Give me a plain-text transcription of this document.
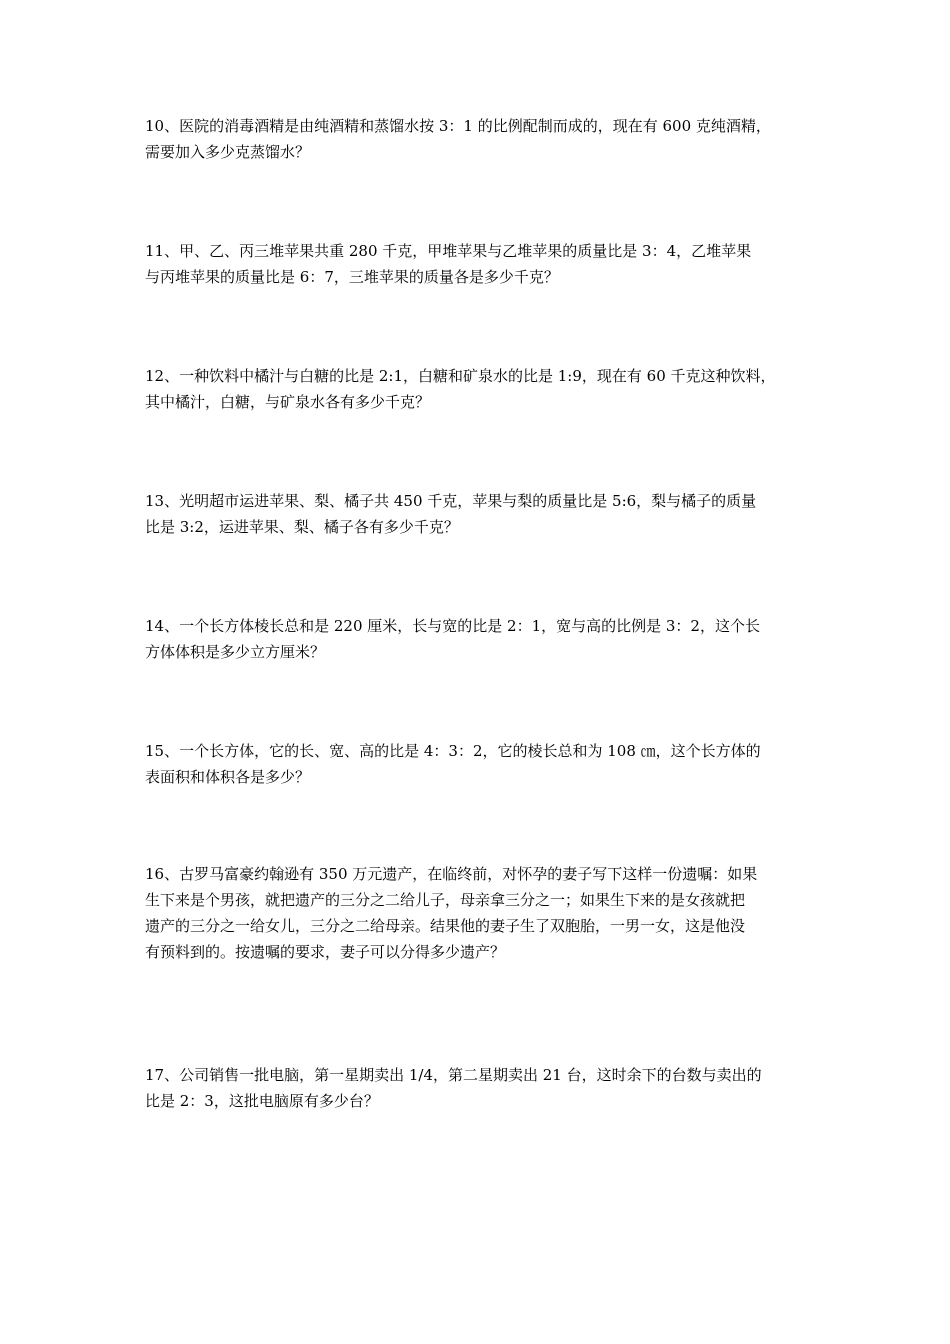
10、医院的消毒酒精是由纯酒精和蒸馏水按 3：1 的比例配制而成的，现在有 600 克纯酒精，
需要加入多少克蒸馏水？
11、甲、乙、丙三堆苹果共重 280 千克，甲堆苹果与乙堆苹果的质量比是 3：4，乙堆苹果
与丙堆苹果的质量比是 6：7，三堆苹果的质量各是多少千克？
12、一种饮料中橘汁与白糖的比是 2:1，白糖和矿泉水的比是 1:9，现在有 60 千克这种饮料，
其中橘汁，白糖，与矿泉水各有多少千克？
13、光明超市运进苹果、梨、橘子共 450 千克，苹果与梨的质量比是 5:6，梨与橘子的质量
比是 3:2，运进苹果、梨、橘子各有多少千克？
14、一个长方体棱长总和是 220 厘米，长与宽的比是 2：1，宽与高的比例是 3：2，这个长
方体体积是多少立方厘米？
15、一个长方体，它的长、宽、高的比是 4：3：2，它的棱长总和为 108 ㎝，这个长方体的
表面积和体积各是多少？
16、古罗马富豪约翰逊有 350 万元遗产，在临终前，对怀孕的妻子写下这样一份遗嘱：如果
生下来是个男孩，就把遗产的三分之二给儿子，母亲拿三分之一；如果生下来的是女孩就把
遗产的三分之一给女儿，三分之二给母亲。结果他的妻子生了双胞胎，一男一女，这是他没
有预料到的。按遗嘱的要求，妻子可以分得多少遗产？
17、公司销售一批电脑，第一星期卖出 1/4，第二星期卖出 21 台，这时余下的台数与卖出的
比是 2：3，这批电脑原有多少台？
